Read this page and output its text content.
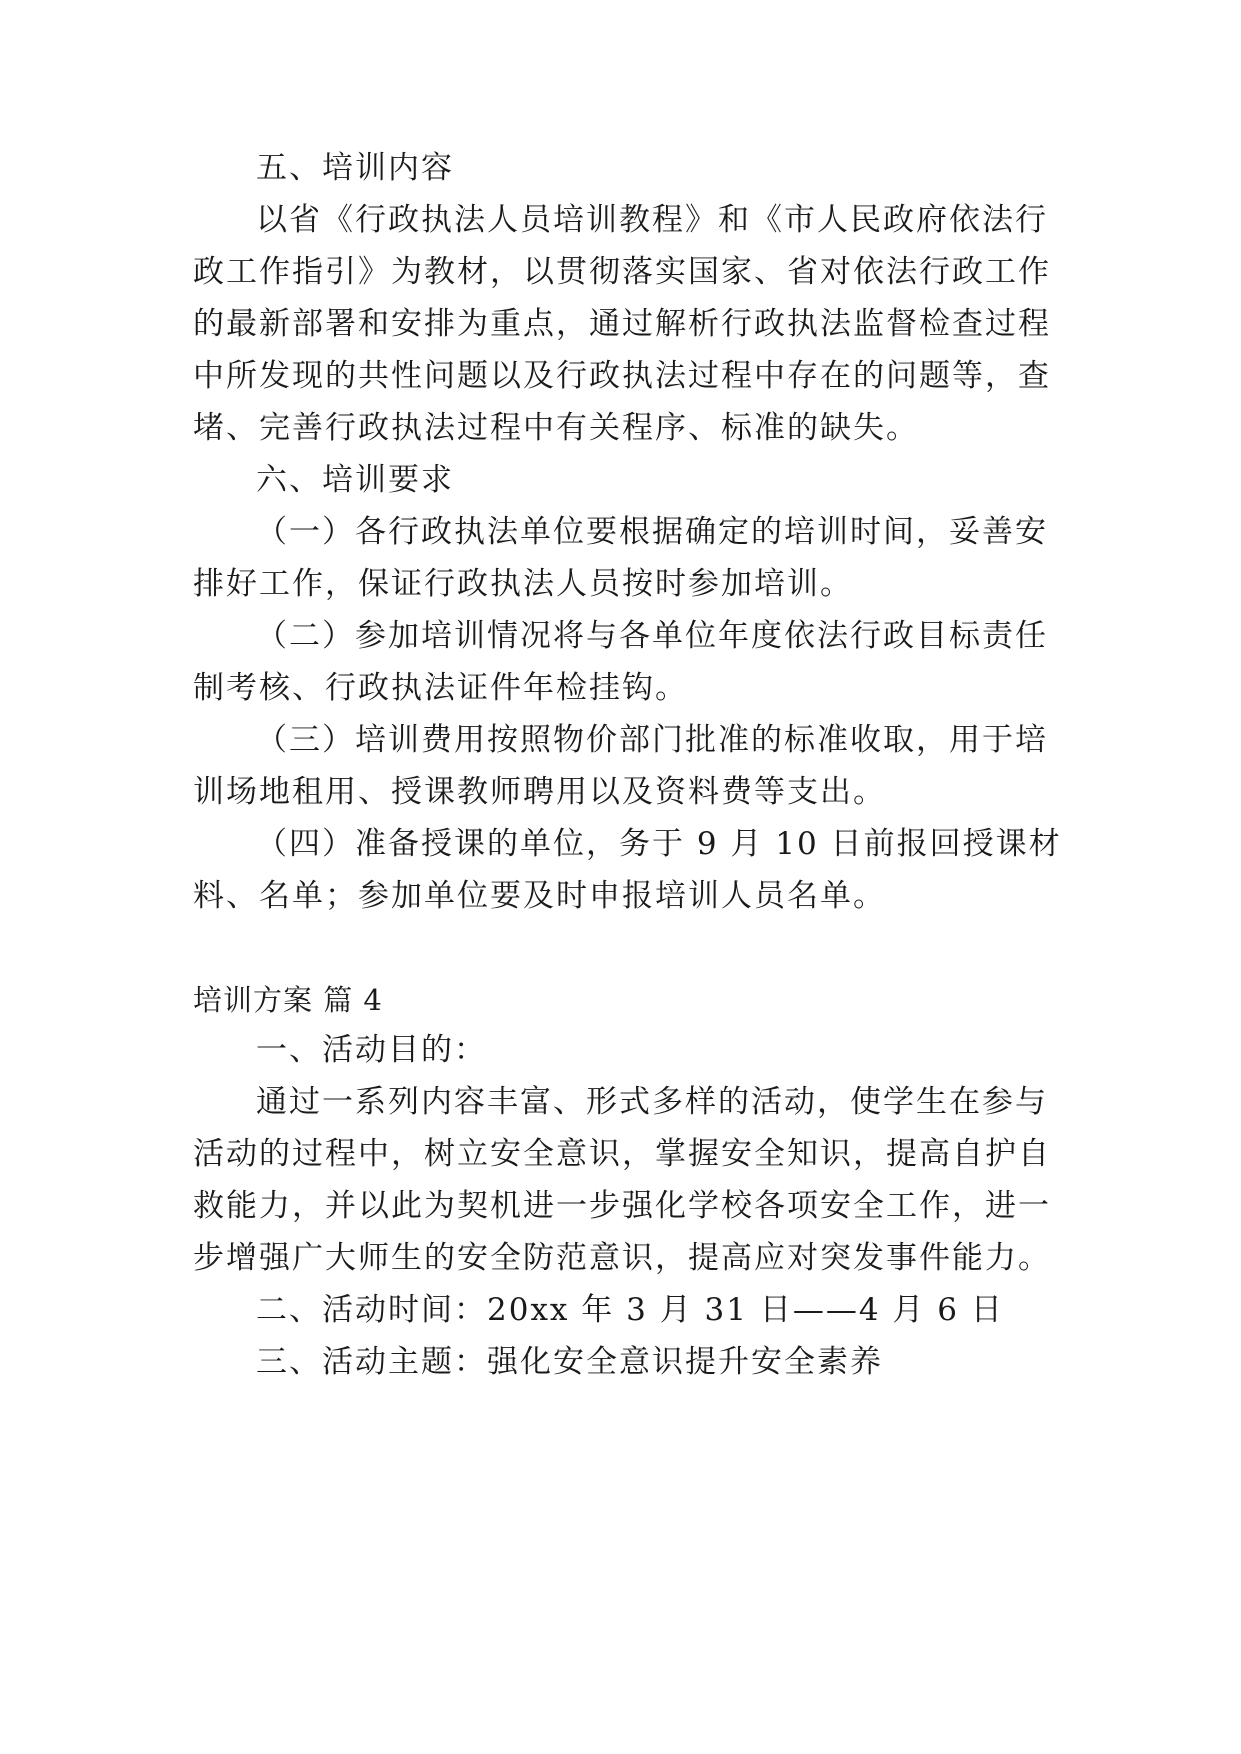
五、培训内容
以省《行政执法人员培训教程》和《市人民政府依法行
政工作指引》为教材，以贯彻落实国家、省对依法行政工作
的最新部署和安排为重点，通过解析行政执法监督检查过程
中所发现的共性问题以及行政执法过程中存在的问题等，查
堵、完善行政执法过程中有关程序、标准的缺失。
六、培训要求
（一）各行政执法单位要根据确定的培训时间，妥善安
排好工作，保证行政执法人员按时参加培训。
（二）参加培训情况将与各单位年度依法行政目标责任
制考核、行政执法证件年检挂钩。
（三）培训费用按照物价部门批准的标准收取，用于培
训场地租用、授课教师聘用以及资料费等支出。
（四）准备授课的单位，务于 9 月 10 日前报回授课材
料、名单；参加单位要及时申报培训人员名单。
培训方案 篇 4
一、活动目的：
通过一系列内容丰富、形式多样的活动，使学生在参与
活动的过程中，树立安全意识，掌握安全知识，提高自护自
救能力，并以此为契机进一步强化学校各项安全工作，进一
步增强广大师生的安全防范意识，提高应对突发事件能力。
二、活动时间：20xx 年 3 月 31 日——4 月 6 日
三、活动主题：强化安全意识提升安全素养
